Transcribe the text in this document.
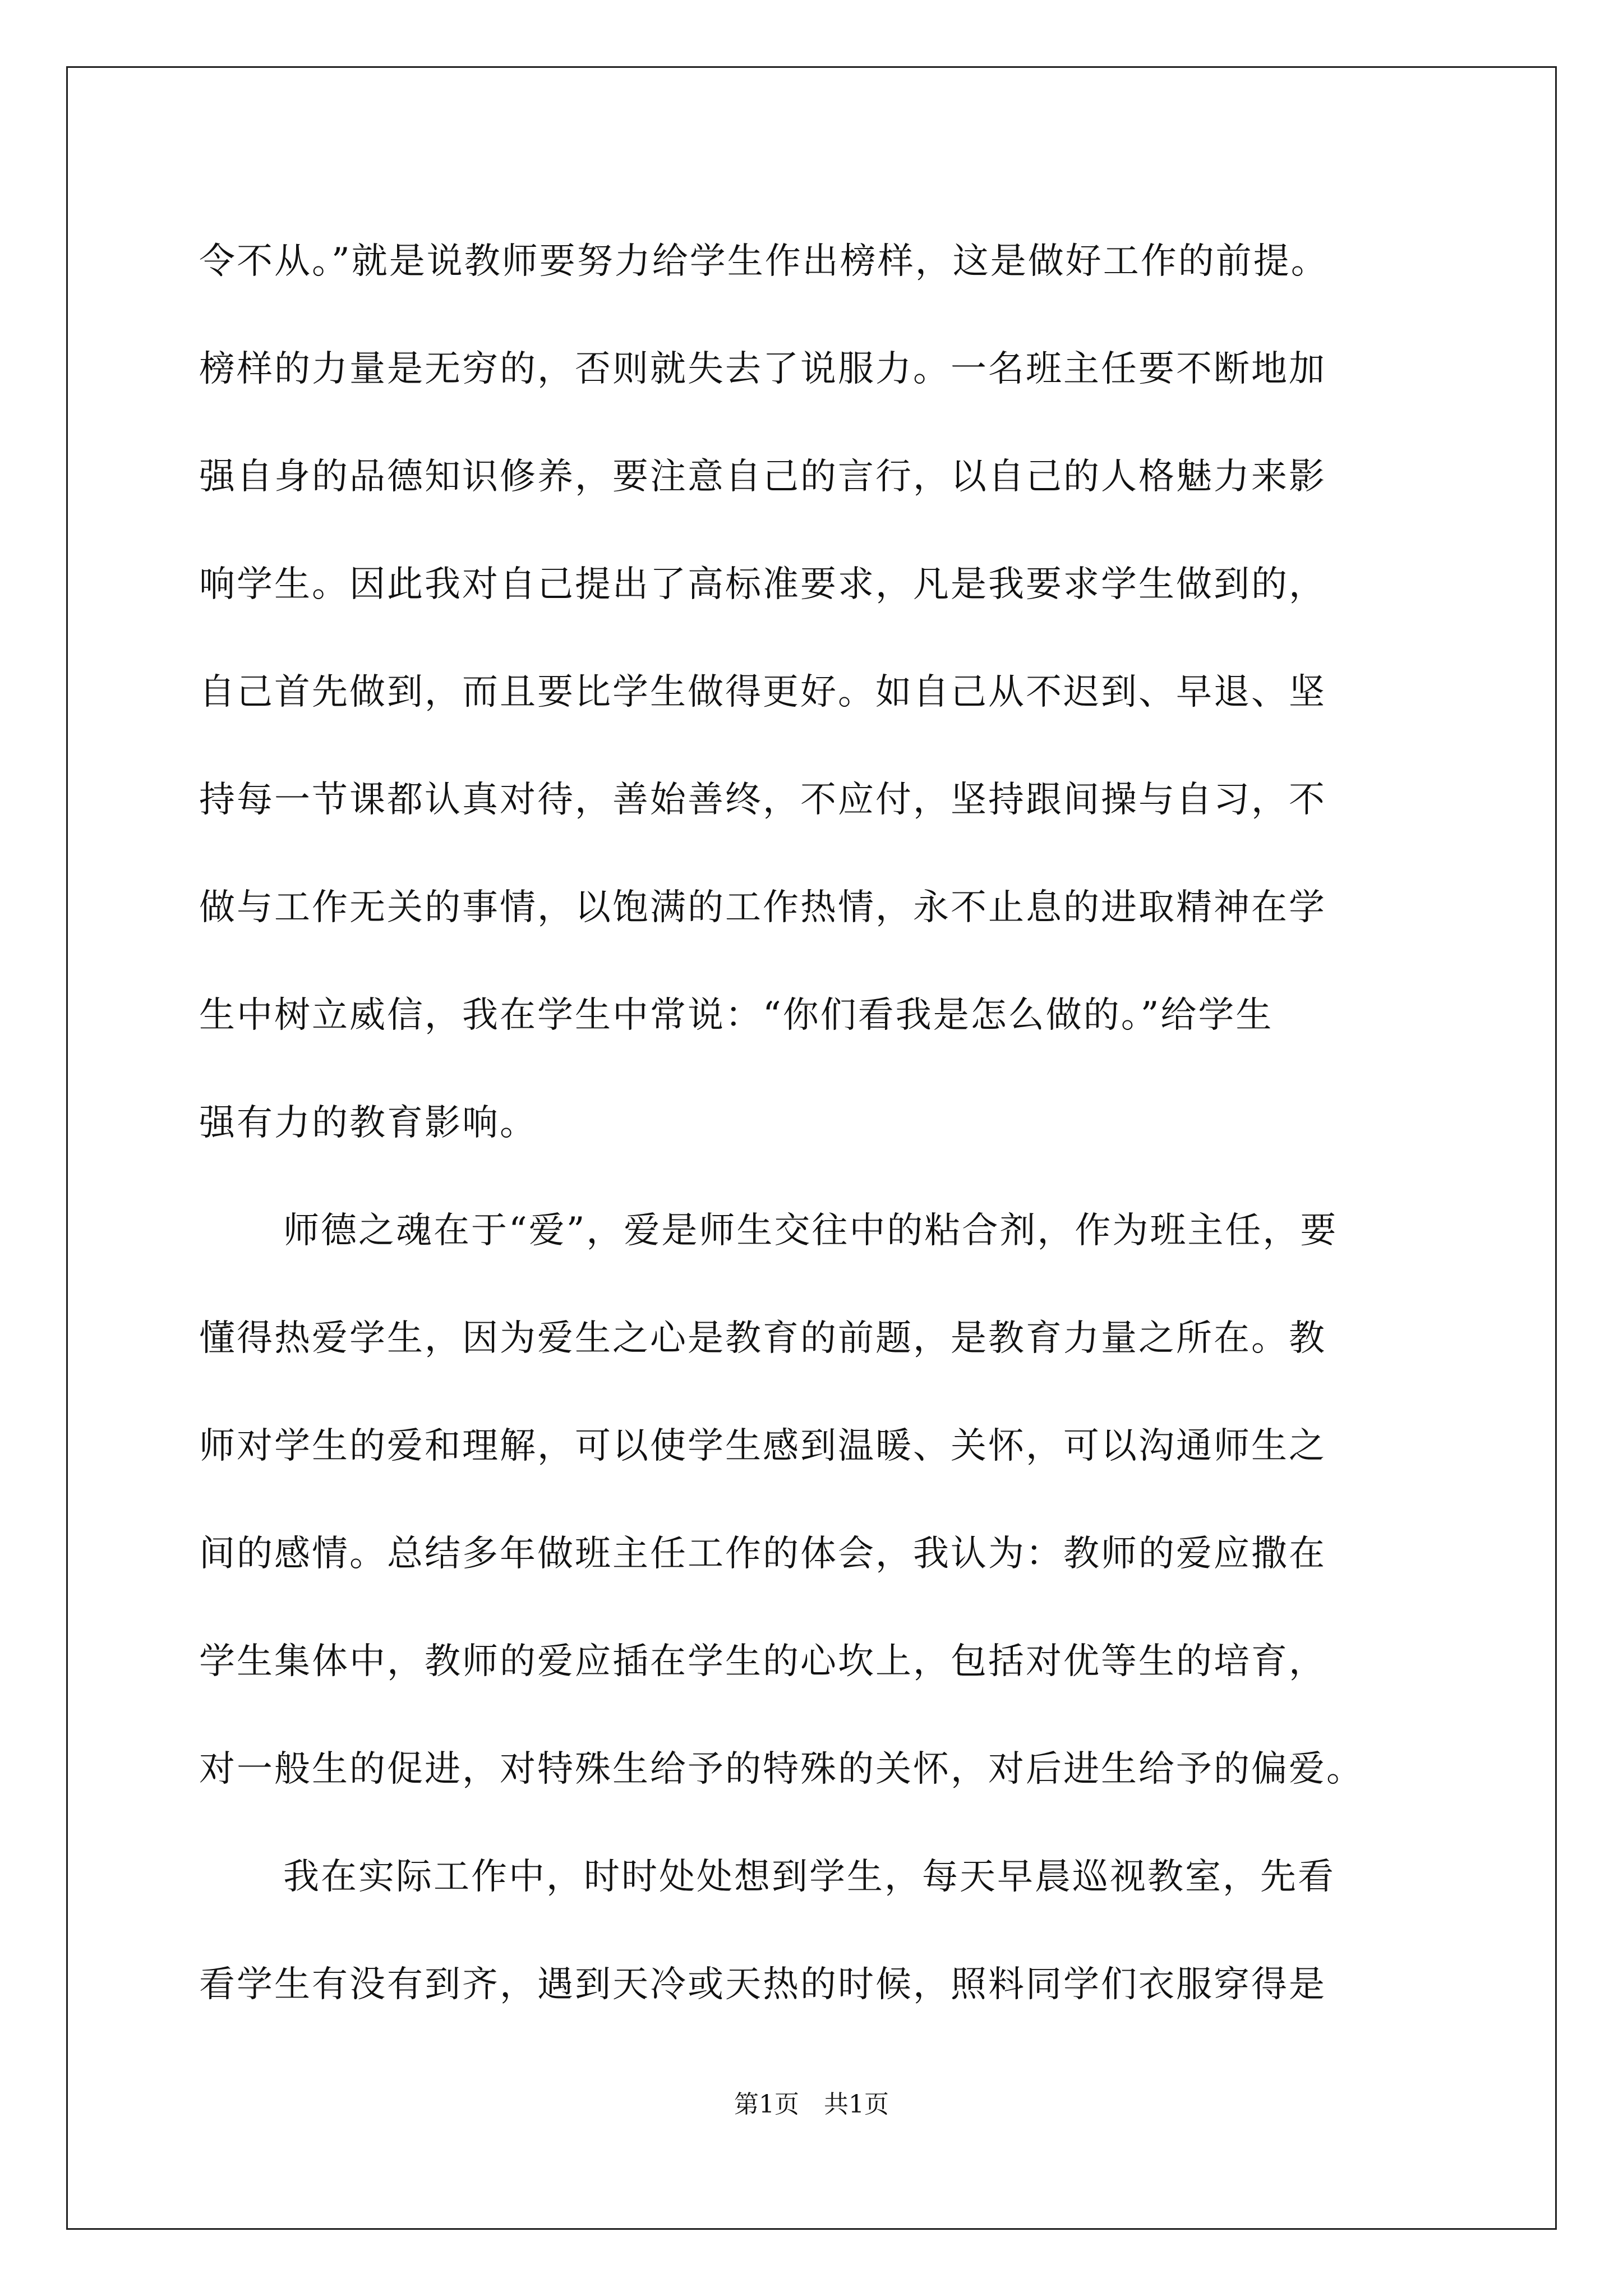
令不从。”就是说教师要努力给学生作出榜样，这是做好工作的前提。
榜样的力量是无穷的，否则就失去了说服力。一名班主任要不断地加
强自身的品德知识修养，要注意自己的言行，以自己的人格魅力来影
响学生。因此我对自己提出了高标准要求，凡是我要求学生做到的，
自己首先做到，而且要比学生做得更好。如自己从不迟到、早退、坚
持每一节课都认真对待，善始善终，不应付，坚持跟间操与自习，不
做与工作无关的事情，以饱满的工作热情，永不止息的进取精神在学
生中树立威信，我在学生中常说：“你们看我是怎么做的。”给学生
强有力的教育影响。
师德之魂在于“爱”，爱是师生交往中的粘合剂，作为班主任，要
懂得热爱学生，因为爱生之心是教育的前题，是教育力量之所在。教
师对学生的爱和理解，可以使学生感到温暖、关怀，可以沟通师生之
间的感情。总结多年做班主任工作的体会，我认为：教师的爱应撒在
学生集体中，教师的爱应插在学生的心坎上，包括对优等生的培育，
对一般生的促进，对特殊生给予的特殊的关怀，对后进生给予的偏爱。
我在实际工作中，时时处处想到学生，每天早晨巡视教室，先看
看学生有没有到齐，遇到天冷或天热的时候，照料同学们衣服穿得是
第1页　共1页
